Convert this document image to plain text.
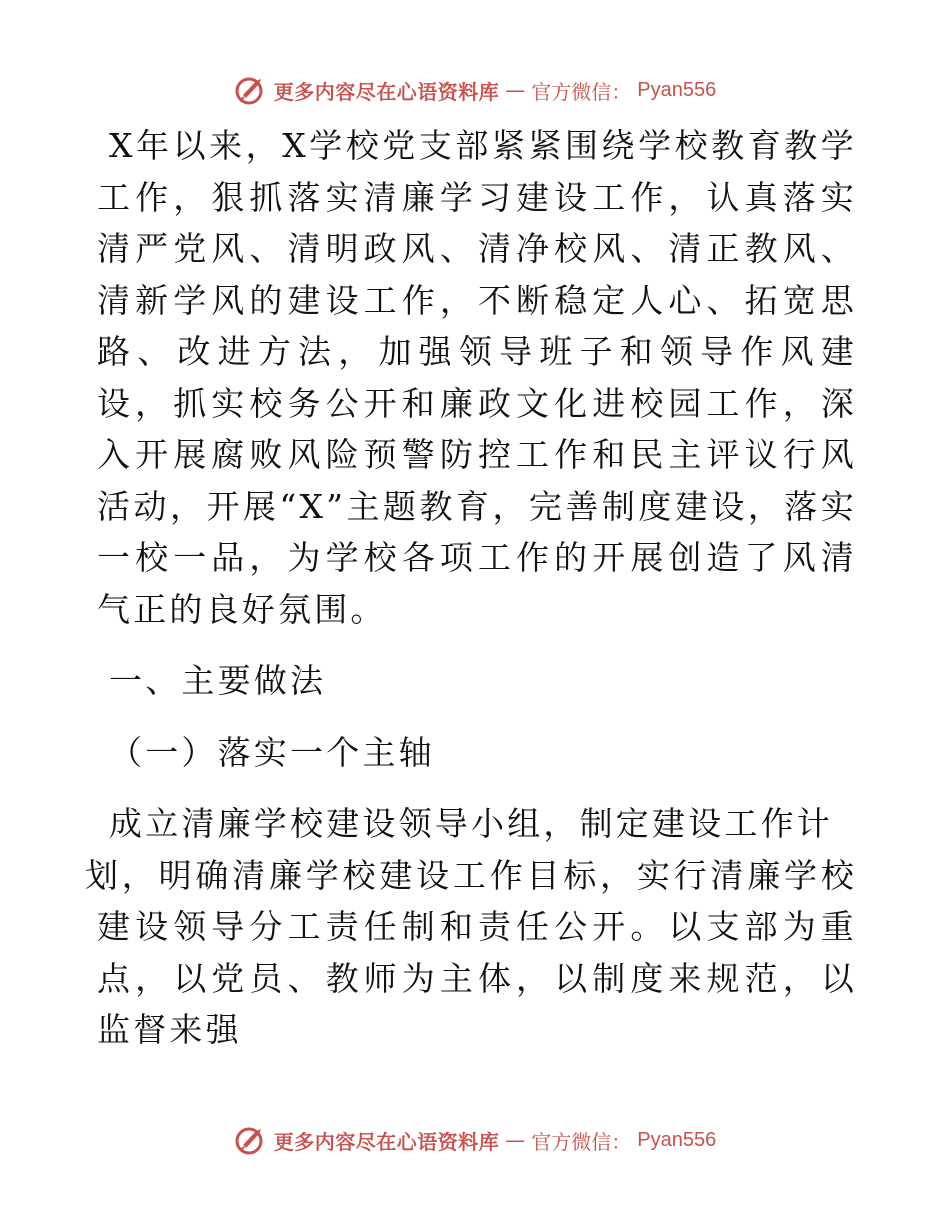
更多内容尽在心语资料库 — 官方微信： Pyan556

X年以来，X学校党支部紧紧围绕学校教育教学工作，狠抓落实清廉学习建设工作，认真落实清严党风、清明政风、清净校风、清正教风、清新学风的建设工作，不断稳定人心、拓宽思路、改进方法，加强领导班子和领导作风建设，抓实校务公开和廉政文化进校园工作，深入开展腐败风险预警防控工作和民主评议行风活动，开展“X”主题教育，完善制度建设，落实一校一品，为学校各项工作的开展创造了风清气正的良好氛围。

一、主要做法

（一）落实一个主轴

成立清廉学校建设领导小组，制定建设工作计
划，明确清廉学校建设工作目标，实行清廉学校建设领导分工责任制和责任公开。以支部为重点，以党员、教师为主体，以制度来规范，以监督来强

更多内容尽在心语资料库 — 官方微信： Pyan556
